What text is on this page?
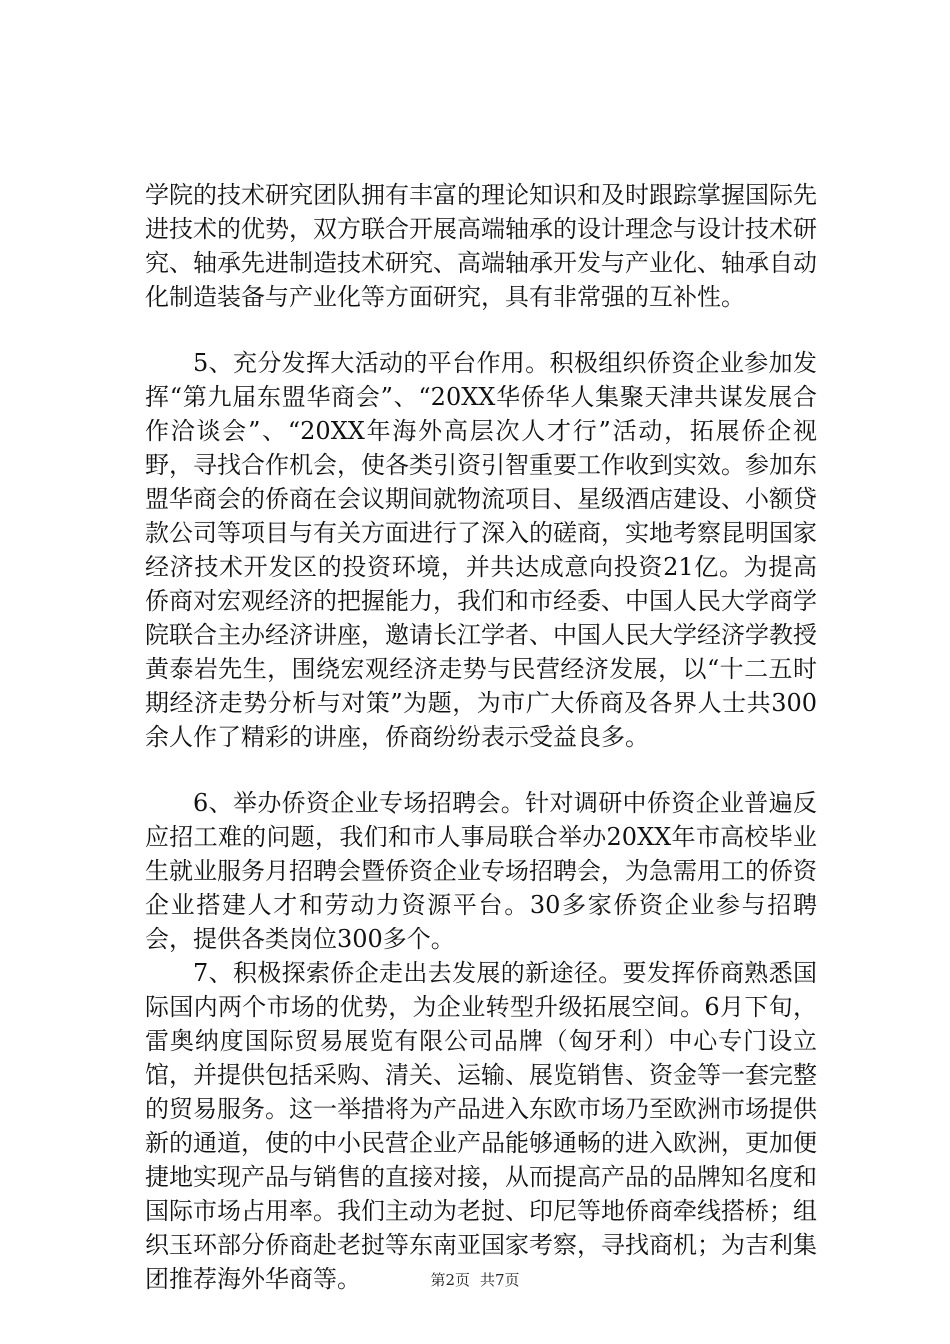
学院的技术研究团队拥有丰富的理论知识和及时跟踪掌握国际先进技术的优势，双方联合开展高端轴承的设计理念与设计技术研究、轴承先进制造技术研究、高端轴承开发与产业化、轴承自动化制造装备与产业化等方面研究，具有非常强的互补性。

5、充分发挥大活动的平台作用。积极组织侨资企业参加发挥“第九届东盟华商会”、“20XX华侨华人集聚天津共谋发展合作洽谈会”、“20XX年海外高层次人才行”活动，拓展侨企视野，寻找合作机会，使各类引资引智重要工作收到实效。参加东盟华商会的侨商在会议期间就物流项目、星级酒店建设、小额贷款公司等项目与有关方面进行了深入的磋商，实地考察昆明国家经济技术开发区的投资环境，并共达成意向投资21亿。为提高侨商对宏观经济的把握能力，我们和市经委、中国人民大学商学院联合主办经济讲座，邀请长江学者、中国人民大学经济学教授黄泰岩先生，围绕宏观经济走势与民营经济发展，以“十二五时期经济走势分析与对策”为题，为市广大侨商及各界人士共300余人作了精彩的讲座，侨商纷纷表示受益良多。

6、举办侨资企业专场招聘会。针对调研中侨资企业普遍反应招工难的问题，我们和市人事局联合举办20XX年市高校毕业生就业服务月招聘会暨侨资企业专场招聘会，为急需用工的侨资企业搭建人才和劳动力资源平台。30多家侨资企业参与招聘会，提供各类岗位300多个。

7、积极探索侨企走出去发展的新途径。要发挥侨商熟悉国际国内两个市场的优势，为企业转型升级拓展空间。6月下旬，雷奥纳度国际贸易展览有限公司品牌（匈牙利）中心专门设立馆，并提供包括采购、清关、运输、展览销售、资金等一套完整的贸易服务。这一举措将为产品进入东欧市场乃至欧洲市场提供新的通道，使的中小民营企业产品能够通畅的进入欧洲，更加便捷地实现产品与销售的直接对接，从而提高产品的品牌知名度和国际市场占用率。我们主动为老挝、印尼等地侨商牵线搭桥；组织玉环部分侨商赴老挝等东南亚国家考察，寻找商机；为吉利集团推荐海外华商等。	第2页 共7页
